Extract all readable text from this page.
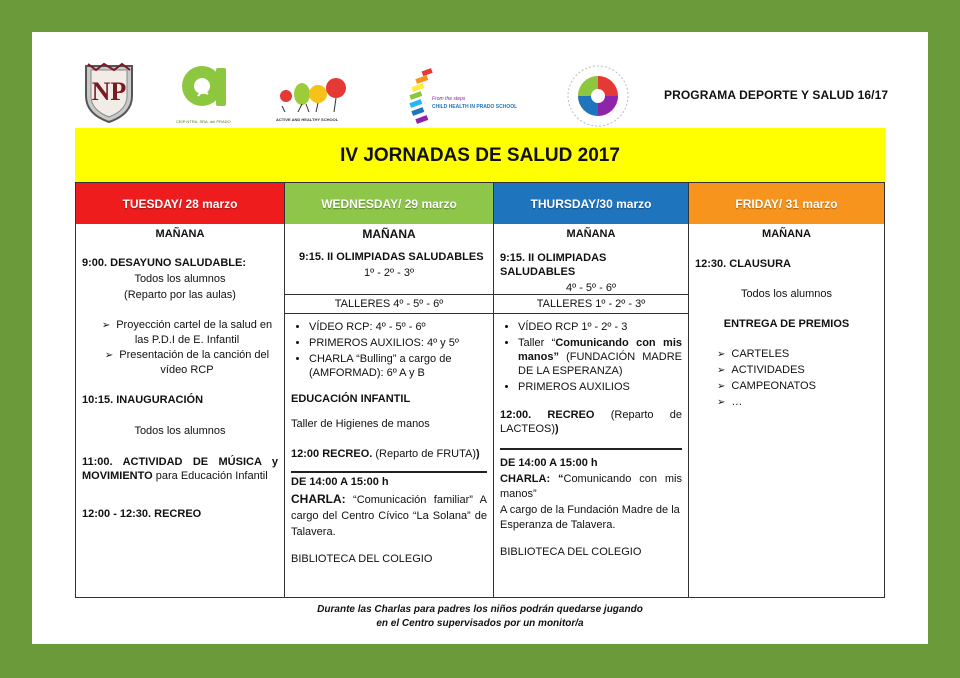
NP
CEIP NTRA. SRA. del PRADO	ACTIVE AND HEALTHY SCHOOL
From the steps
CHILD HEALTH IN PRADO SCHOOL
PROGRAMA DEPORTE Y SALUD 16/17
IV JORNADAS DE SALUD 2017
TUESDAY/ 28 marzo
MAÑANA
9:00. DESAYUNO SALUDABLE:
Todos los alumnos
(Reparto por las aulas)
➢ Proyección cartel de la salud en las P.D.I de E. Infantil
➢ Presentación de la canción del vídeo RCP
10:15. INAUGURACIÓN
Todos los alumnos
11:00. ACTIVIDAD DE MÚSICA y MOVIMIENTO para Educación Infantil
12:00 - 12:30. RECREO
WEDNESDAY/ 29 marzo
MAÑANA
9:15. II OLIMPIADAS SALUDABLES
1º - 2º - 3º
TALLERES 4º - 5º - 6º
• VÍDEO RCP: 4º - 5º - 6º
• PRIMEROS AUXILIOS: 4º y 5º
• CHARLA “Bulling” a cargo de (AMFORMAD): 6º A y B
EDUCACIÓN INFANTIL
Taller de Higienes de manos
12:00 RECREO. (Reparto de FRUTA))
DE 14:00 A 15:00 h
CHARLA: “Comunicación familiar” A cargo del Centro Cívico “La Solana” de Talavera.
BIBLIOTECA DEL COLEGIO
THURSDAY/30 marzo
MAÑANA
9:15. II OLIMPIADAS SALUDABLES
4º - 5º - 6º
TALLERES 1º - 2º - 3º
• VÍDEO RCP 1º - 2º - 3
• Taller “Comunicando con mis manos” (FUNDACIÓN MADRE DE LA ESPERANZA)
• PRIMEROS AUXILIOS
12:00. RECREO (Reparto de LACTEOS))
DE 14:00 A 15:00 h
CHARLA: “Comunicando con mis manos”
A cargo de la Fundación Madre de la Esperanza de Talavera.
BIBLIOTECA DEL COLEGIO
FRIDAY/ 31 marzo
MAÑANA
12:30. CLAUSURA
Todos los alumnos
ENTREGA DE PREMIOS
➢ CARTELES
➢ ACTIVIDADES
➢ CAMPEONATOS
➢ …
Durante las Charlas para padres los niños podrán quedarse jugando
en el Centro supervisados por un monitor/a
